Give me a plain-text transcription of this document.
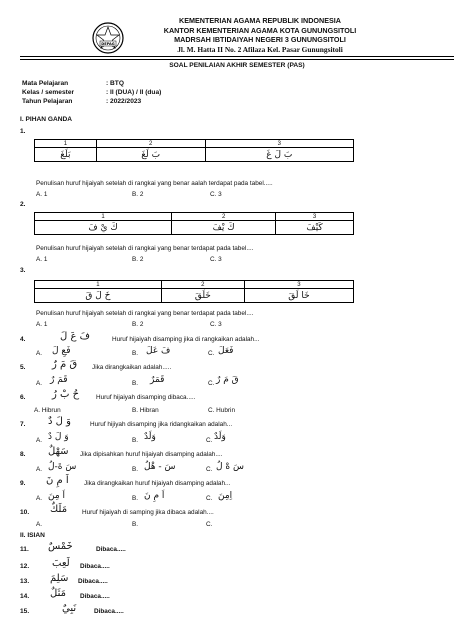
DEPAG
KEMENTERIAN AGAMA REPUBLIK INDONESIA
KANTOR KEMENTERIAN AGAMA KOTA GUNUNGSITOLI
MADRSAH IBTIDAIYAH NEGERI 3 GUNUNGSITOLI
Jl. M. Hatta II No. 2 Afilaza Kel. Pasar Gunungsitoli
SOAL PENILAIAN AKHIR SEMESTER (PAS)
Mata Pelajaran	: BTQ
Kelas / semester	: II (DUA) / II (dua)
Tahun Pelajaran	: 2022/2023
I. PIHAN GANDA
1.
1	2	3
بَلَغَ	بَ لَغَ	بَ لَ غَ
Penulisan huruf hijaiyah setelah di rangkai yang benar aalah terdapat pada tabel.....
A. 1	B. 2	C. 3
2.
1	2	3
كَ يْ فَ	كَ يْفَ	كَيْفَ
Penulisan huruf hijaiyah setelah di rangkai yang benar terdapat pada tabel....
A. 1	B. 2	C. 3
3.
1	2	3
خَ لَ قَ	خَلَقَ	خَا لَقَ
Penulisan huruf hijaiyah setelah di rangkai yang benar terdapat pada tabel....
A. 1	B. 2	C. 3
4.	فَ عَ لَ	Huruf hijaiyah disamping jika di rangkaikan adalah...
A. فَعِ لَ	B. فَ عَلَ	C. فَعَلَ
5.	قَ مَ رٌ Jika dirangkaikan adalah.....
A. قَمَ رٌ	B. قَمَرٌ	C. قَ مَ رٌ
6.	حُ بْ رُ	Huruf hijaiyah disamping dibaca.....
A. Hibrun	B. Hibran	C. Hubrin
7. وَ لَ دٌ	Huruf hijiyah disamping jika ridangkaikan adalah...
A. وَ لَ دٌ	B. وَلَدٌ	C. وَلَدٌ
8. سَهْلٌ Jika dipisahkan huruf hijaiyah disamping adalah....
A. سَ ةَ-لُ	B. سَ - هْلُ	C. سَ هْ لُ
9. اَ مِ نَ Jika dirangkaikan huruf hijaiyah disamping adalah...
A. اَ مِنَ	B. اَ مِ نَ	C. اِمِنَ
10. مَلَكٌ Huruf hijaiyah di samping jika dibaca adalah....
A.	B.	C.
II. ISIAN
11. خَمْسٌ	Dibaca.....
12. لَعِبَ Dibaca.....
13. سَلِمَ Dibaca.....
14. مَثَلٌ Dibaca.....
15.	نَبِيٌ	Dibaca.....
